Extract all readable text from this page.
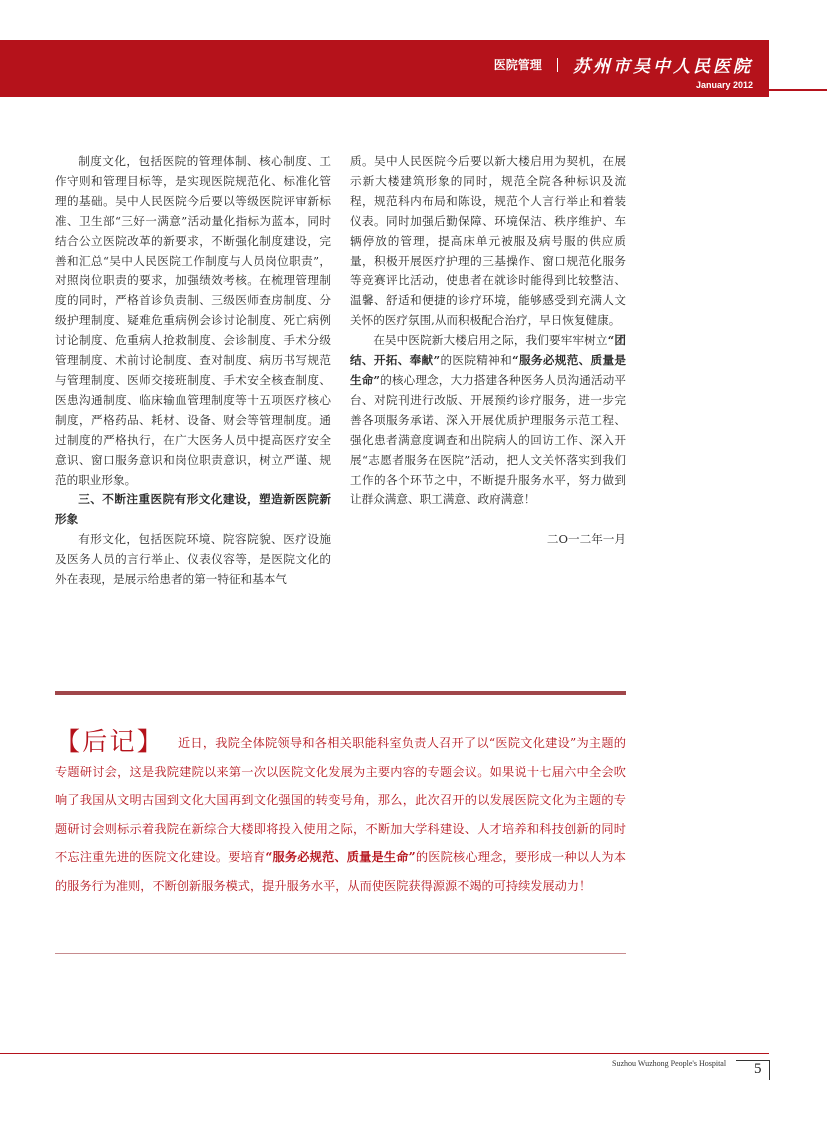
医院管理 苏州市吴中人民医院
January 2012

制度文化，包括医院的管理体制、核心制度、工作守则和管理目标等，是实现医院规范化、标准化管理的基础。吴中人民医院今后要以等级医院评审新标准、卫生部“三好一满意”活动量化指标为蓝本，同时结合公立医院改革的新要求，不断强化制度建设，完善和汇总“吴中人民医院工作制度与人员岗位职责”，对照岗位职责的要求，加强绩效考核。在梳理管理制度的同时，严格首诊负责制、三级医师查房制度、分级护理制度、疑难危重病例会诊讨论制度、死亡病例讨论制度、危重病人抢救制度、会诊制度、手术分级管理制度、术前讨论制度、查对制度、病历书写规范与管理制度、医师交接班制度、手术安全核查制度、医患沟通制度、临床输血管理制度等十五项医疗核心制度，严格药品、耗材、设备、财会等管理制度。通过制度的严格执行，在广大医务人员中提高医疗安全意识、窗口服务意识和岗位职责意识，树立严谨、规范的职业形象。

三、不断注重医院有形文化建设，塑造新医院新形象

有形文化，包括医院环境、院容院貌、医疗设施及医务人员的言行举止、仪表仪容等，是医院文化的外在表现，是展示给患者的第一特征和基本气

质。吴中人民医院今后要以新大楼启用为契机，在展示新大楼建筑形象的同时，规范全院各种标识及流程，规范科内布局和陈设，规范个人言行举止和着装仪表。同时加强后勤保障、环境保洁、秩序维护、车辆停放的管理，提高床单元被服及病号服的供应质量，积极开展医疗护理的三基操作、窗口规范化服务等竞赛评比活动，使患者在就诊时能得到比较整洁、温馨、舒适和便捷的诊疗环境，能够感受到充满人文关怀的医疗氛围,从而积极配合治疗，早日恢复健康。

在吴中医院新大楼启用之际，我们要牢牢树立“团结、开拓、奉献”的医院精神和“服务必规范、质量是生命”的核心理念，大力搭建各种医务人员沟通活动平台、对院刊进行改版、开展预约诊疗服务，进一步完善各项服务承诺、深入开展优质护理服务示范工程、强化患者满意度调查和出院病人的回访工作、深入开展“志愿者服务在医院”活动，把人文关怀落实到我们工作的各个环节之中，不断提升服务水平，努力做到让群众满意、职工满意、政府满意！

二O一二年一月

【后记】 近日，我院全体院领导和各相关职能科室负责人召开了以“医院文化建设”为主题的专题研讨会，这是我院建院以来第一次以医院文化发展为主要内容的专题会议。如果说十七届六中全会吹响了我国从文明古国到文化大国再到文化强国的转变号角，那么，此次召开的以发展医院文化为主题的专题研讨会则标示着我院在新综合大楼即将投入使用之际，不断加大学科建设、人才培养和科技创新的同时不忘注重先进的医院文化建设。要培育“服务必规范、质量是生命”的医院核心理念，要形成一种以人为本的服务行为准则，不断创新服务模式，提升服务水平，从而使医院获得源源不竭的可持续发展动力！
Suzhou Wuzhong People's Hospital 5
